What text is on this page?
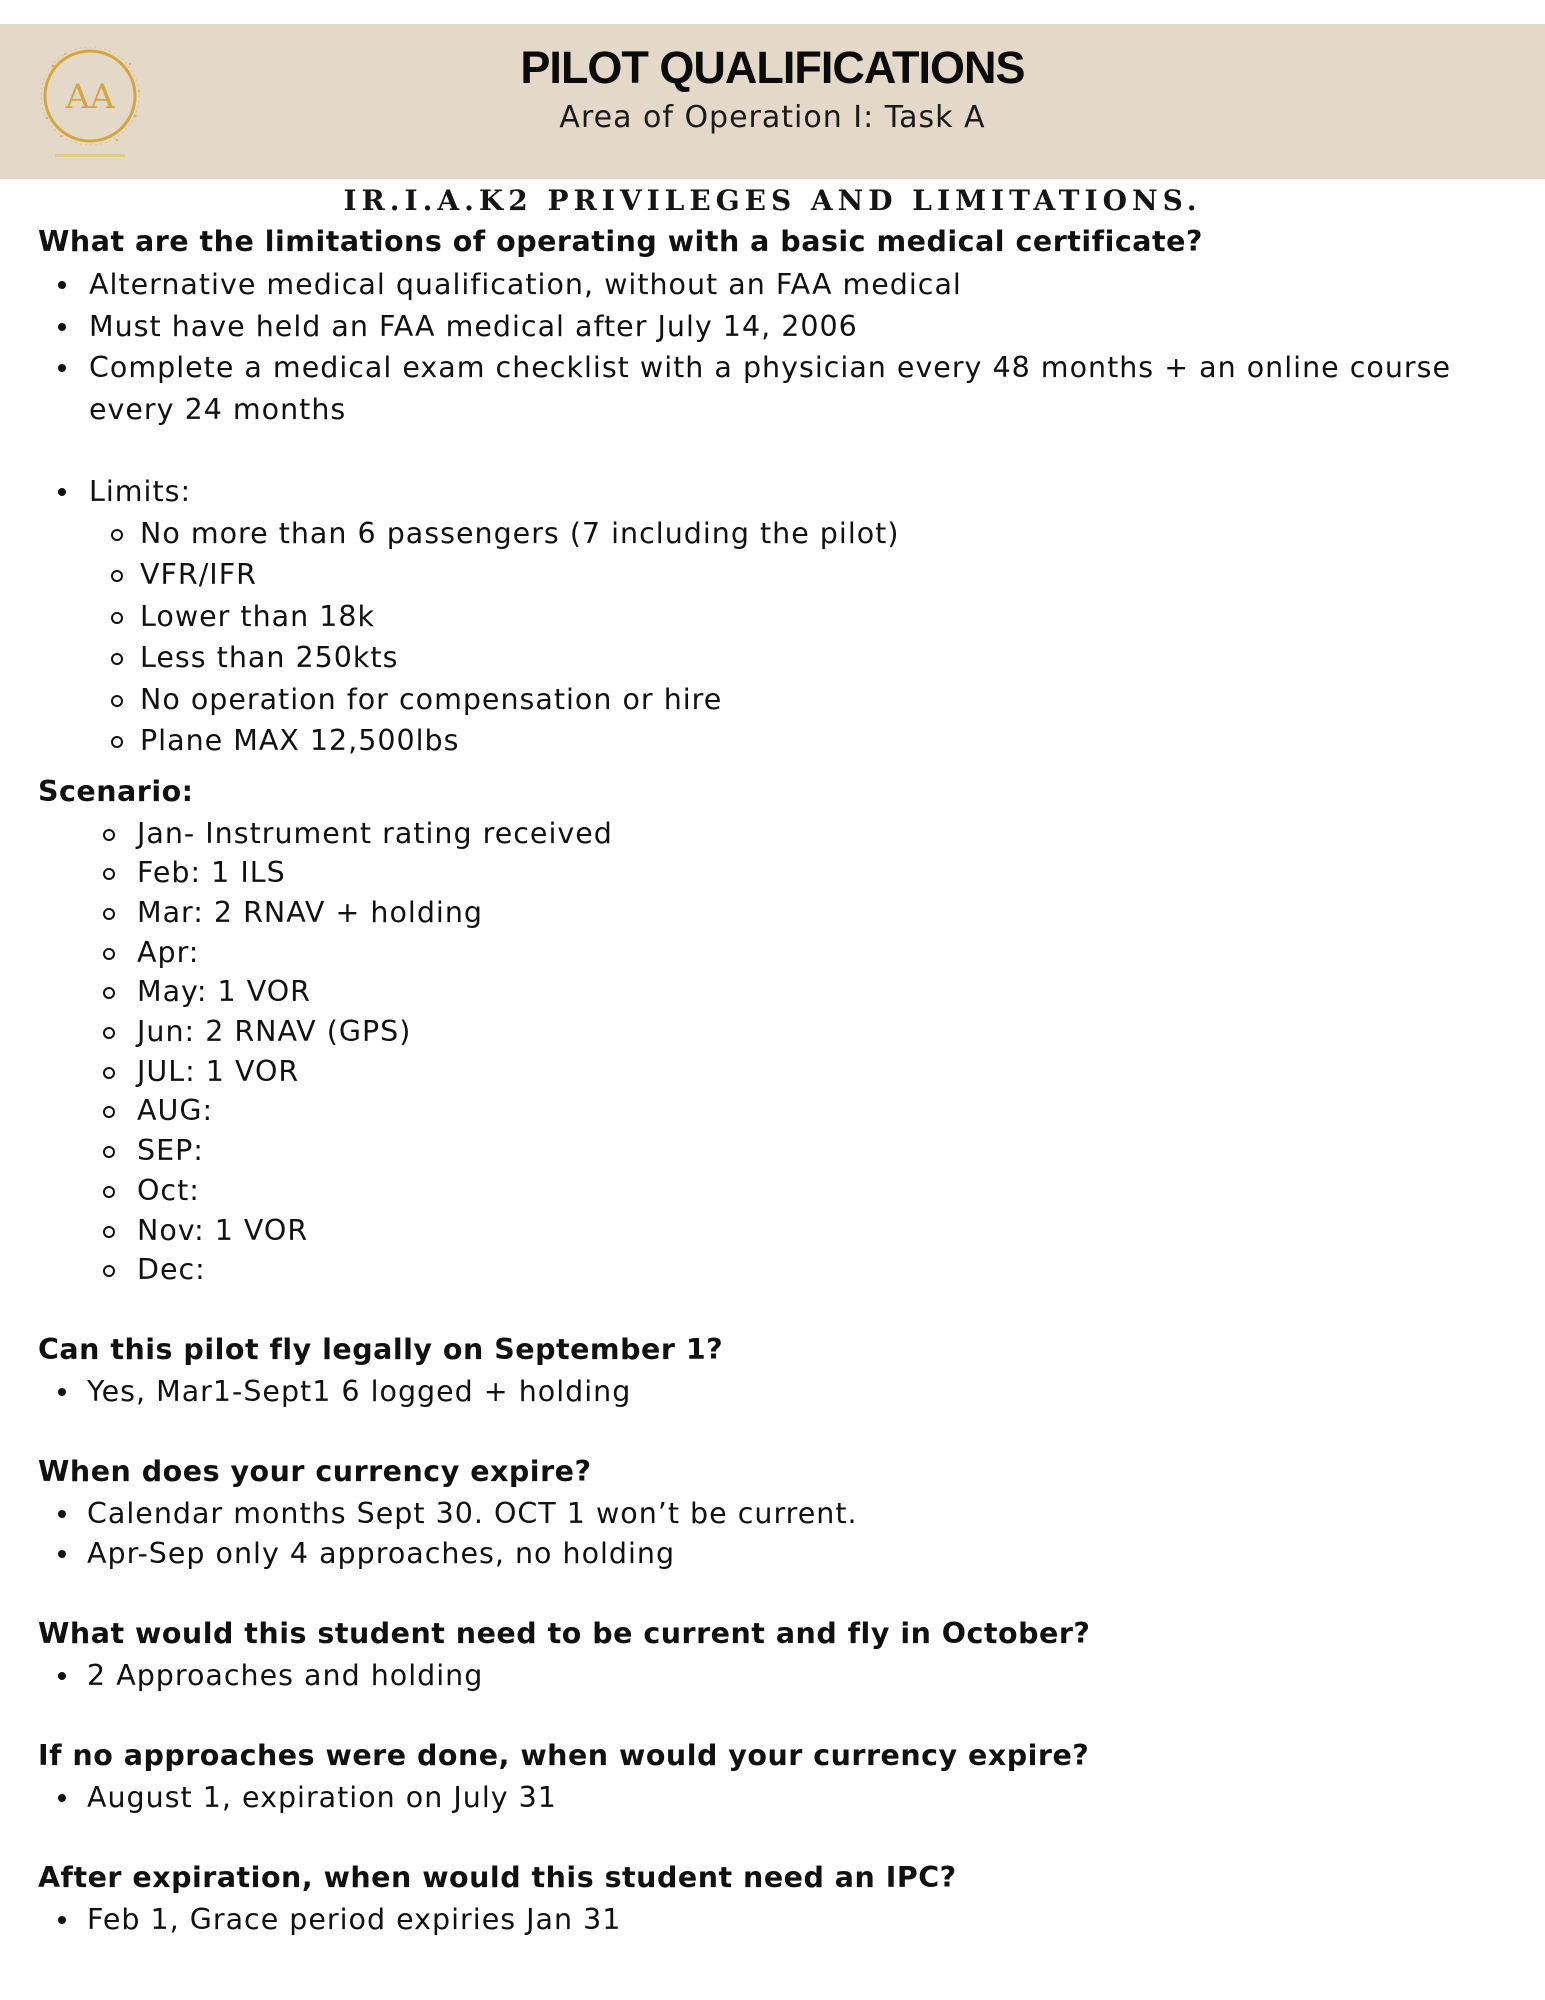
AA
PILOT QUALIFICATIONS
Area of Operation I: Task A
IR.I.A.K2 PRIVILEGES AND LIMITATIONS.

What are the limitations of operating with a basic medical certificate?

Alternative medical qualification, without an FAA medical
Must have held an FAA medical after July 14, 2006
Complete a medical exam checklist with a physician every 48 months + an online course every 24 months
Limits:
No more than 6 passengers (7 including the pilot)
VFR/IFR
Lower than 18k
Less than 250kts
No operation for compensation or hire
Plane MAX 12,500lbs

Scenario:

Jan- Instrument rating received
Feb: 1 ILS
Mar: 2 RNAV + holding
Apr:
May: 1 VOR
Jun: 2 RNAV (GPS)
JUL: 1 VOR
AUG:
SEP:
Oct:
Nov: 1 VOR
Dec:

Can this pilot fly legally on September 1?

Yes, Mar1-Sept1 6 logged + holding

When does your currency expire?

Calendar months Sept 30. OCT 1 won’t be current.
Apr-Sep only 4 approaches, no holding

What would this student need to be current and fly in October?

2 Approaches and holding

If no approaches were done, when would your currency expire?

August 1, expiration on July 31

After expiration, when would this student need an IPC?

Feb 1, Grace period expiries Jan 31
